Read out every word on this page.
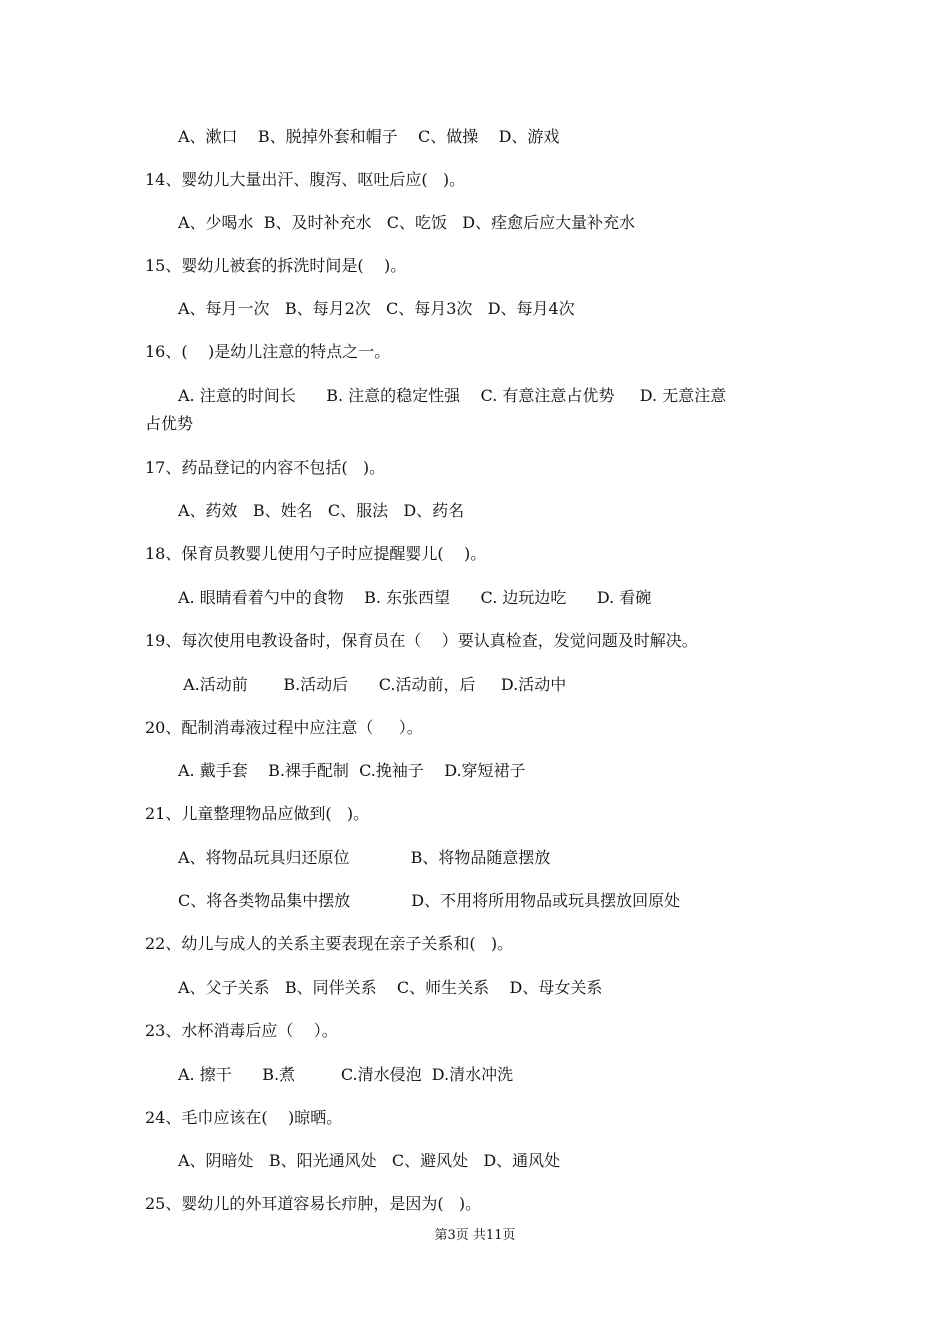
A、漱口    B、脱掉外套和帽子    C、做操    D、游戏
14、婴幼儿大量出汗、腹泻、呕吐后应(   )。
A、少喝水  B、及时补充水   C、吃饭   D、痊愈后应大量补充水
15、婴幼儿被套的拆洗时间是(    )。
A、每月一次   B、每月2次   C、每月3次   D、每月4次
16、(    )是幼儿注意的特点之一。
A. 注意的时间长      B. 注意的稳定性强    C. 有意注意占优势     D. 无意注意
占优势
17、药品登记的内容不包括(   )。
A、药效   B、姓名   C、服法   D、药名
18、保育员教婴儿使用勺子时应提醒婴儿(    )。
A. 眼睛看着勺中的食物    B. 东张西望      C. 边玩边吃      D. 看碗
19、每次使用电教设备时，保育员在（    ）要认真检查，发觉问题及时解决。
A.活动前       B.活动后      C.活动前，后     D.活动中
20、配制消毒液过程中应注意（     ）。
A. 戴手套    B.裸手配制  C.挽袖子    D.穿短裙子
21、儿童整理物品应做到(   )。
A、将物品玩具归还原位            B、将物品随意摆放
C、将各类物品集中摆放            D、不用将所用物品或玩具摆放回原处
22、幼儿与成人的关系主要表现在亲子关系和(   )。
A、父子关系   B、同伴关系    C、师生关系    D、母女关系
23、水杯消毒后应（    ）。
A. 擦干      B.煮         C.清水侵泡  D.清水冲洗
24、毛巾应该在(    )晾晒。
A、阴暗处   B、阳光通风处   C、避风处   D、通风处
25、婴幼儿的外耳道容易长疖肿，是因为(   )。
第3页 共11页
